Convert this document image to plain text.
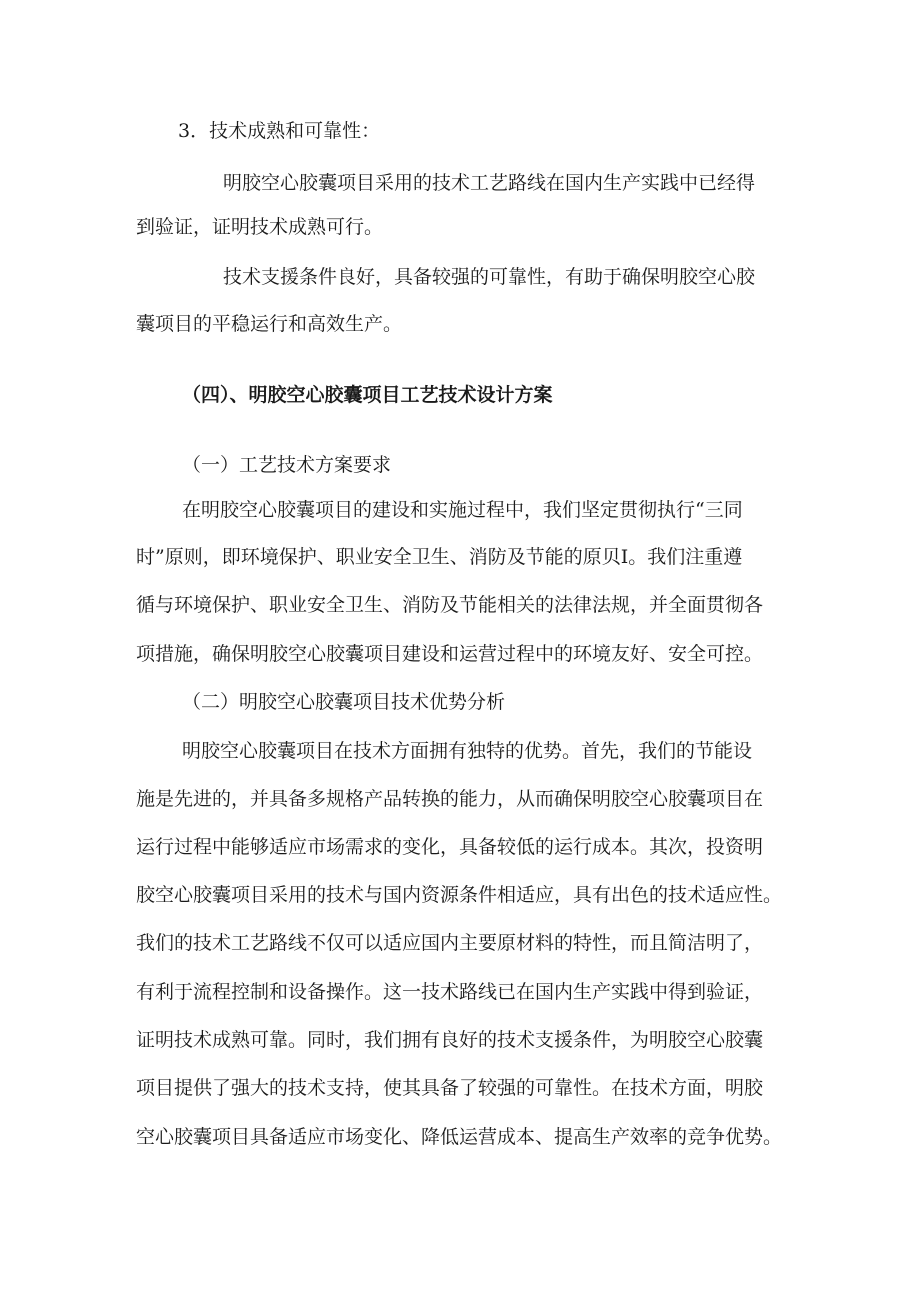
3．技术成熟和可靠性：
明胶空心胶囊项目采用的技术工艺路线在国内生产实践中已经得
到验证，证明技术成熟可行。
技术支援条件良好，具备较强的可靠性，有助于确保明胶空心胶
囊项目的平稳运行和高效生产。
（四）、明胶空心胶囊项目工艺技术设计方案
（一）工艺技术方案要求
在明胶空心胶囊项目的建设和实施过程中，我们坚定贯彻执行“三同
时”原则，即环境保护、职业安全卫生、消防及节能的原贝I。我们注重遵
循与环境保护、职业安全卫生、消防及节能相关的法律法规，并全面贯彻各
项措施，确保明胶空心胶囊项目建设和运营过程中的环境友好、安全可控。
（二）明胶空心胶囊项目技术优势分析
明胶空心胶囊项目在技术方面拥有独特的优势。首先，我们的节能设
施是先进的，并具备多规格产品转换的能力，从而确保明胶空心胶囊项目在
运行过程中能够适应市场需求的变化，具备较低的运行成本。其次，投资明
胶空心胶囊项目采用的技术与国内资源条件相适应，具有出色的技术适应性。
我们的技术工艺路线不仅可以适应国内主要原材料的特性，而且简洁明了，
有利于流程控制和设备操作。这一技术路线已在国内生产实践中得到验证，
证明技术成熟可靠。同时，我们拥有良好的技术支援条件，为明胶空心胶囊
项目提供了强大的技术支持，使其具备了较强的可靠性。在技术方面，明胶
空心胶囊项目具备适应市场变化、降低运营成本、提高生产效率的竞争优势。
